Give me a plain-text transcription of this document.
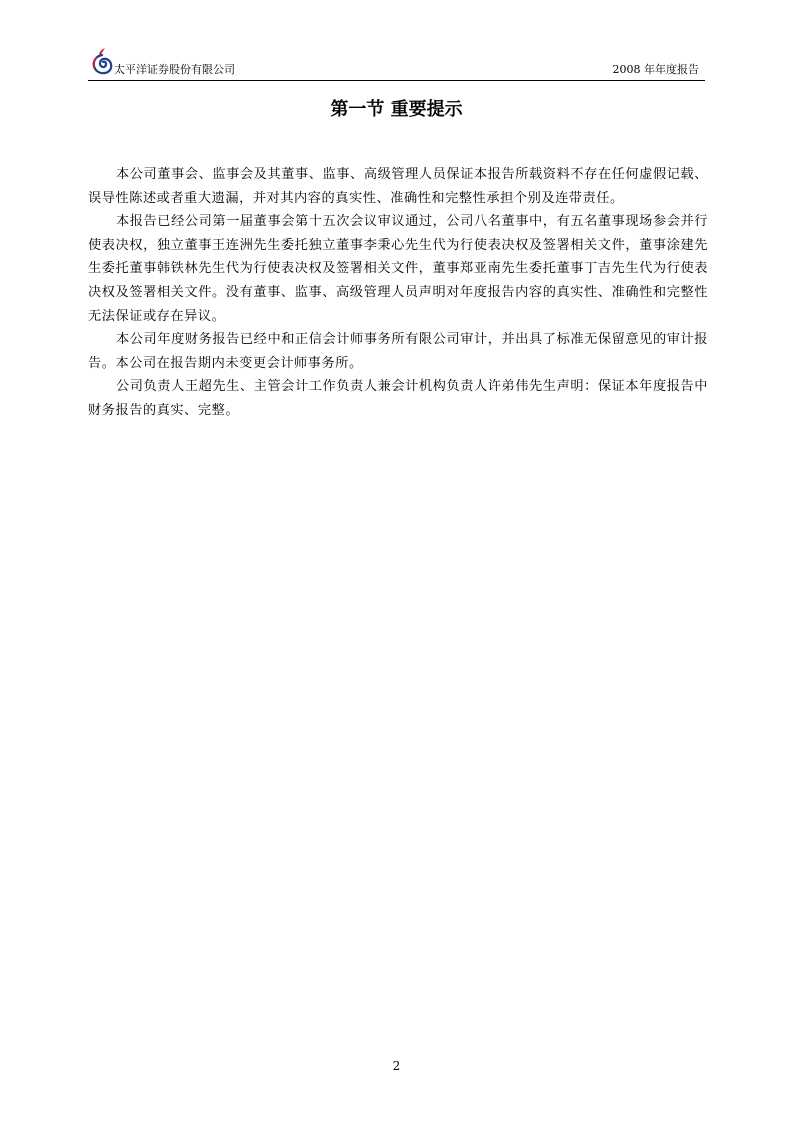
太平洋证券股份有限公司	2008 年年度报告
第一节 重要提示

本公司董事会、监事会及其董事、监事、高级管理人员保证本报告所载资料不存在任何虚假记载、误导性陈述或者重大遗漏，并对其内容的真实性、准确性和完整性承担个别及连带责任。

本报告已经公司第一届董事会第十五次会议审议通过，公司八名董事中，有五名董事现场参会并行使表决权，独立董事王连洲先生委托独立董事李秉心先生代为行使表决权及签署相关文件，董事涂建先生委托董事韩铁林先生代为行使表决权及签署相关文件，董事郑亚南先生委托董事丁吉先生代为行使表决权及签署相关文件。没有董事、监事、高级管理人员声明对年度报告内容的真实性、准确性和完整性无法保证或存在异议。

本公司年度财务报告已经中和正信会计师事务所有限公司审计，并出具了标准无保留意见的审计报告。本公司在报告期内未变更会计师事务所。

公司负责人王超先生、主管会计工作负责人兼会计机构负责人许弟伟先生声明：保证本年度报告中财务报告的真实、完整。

2
